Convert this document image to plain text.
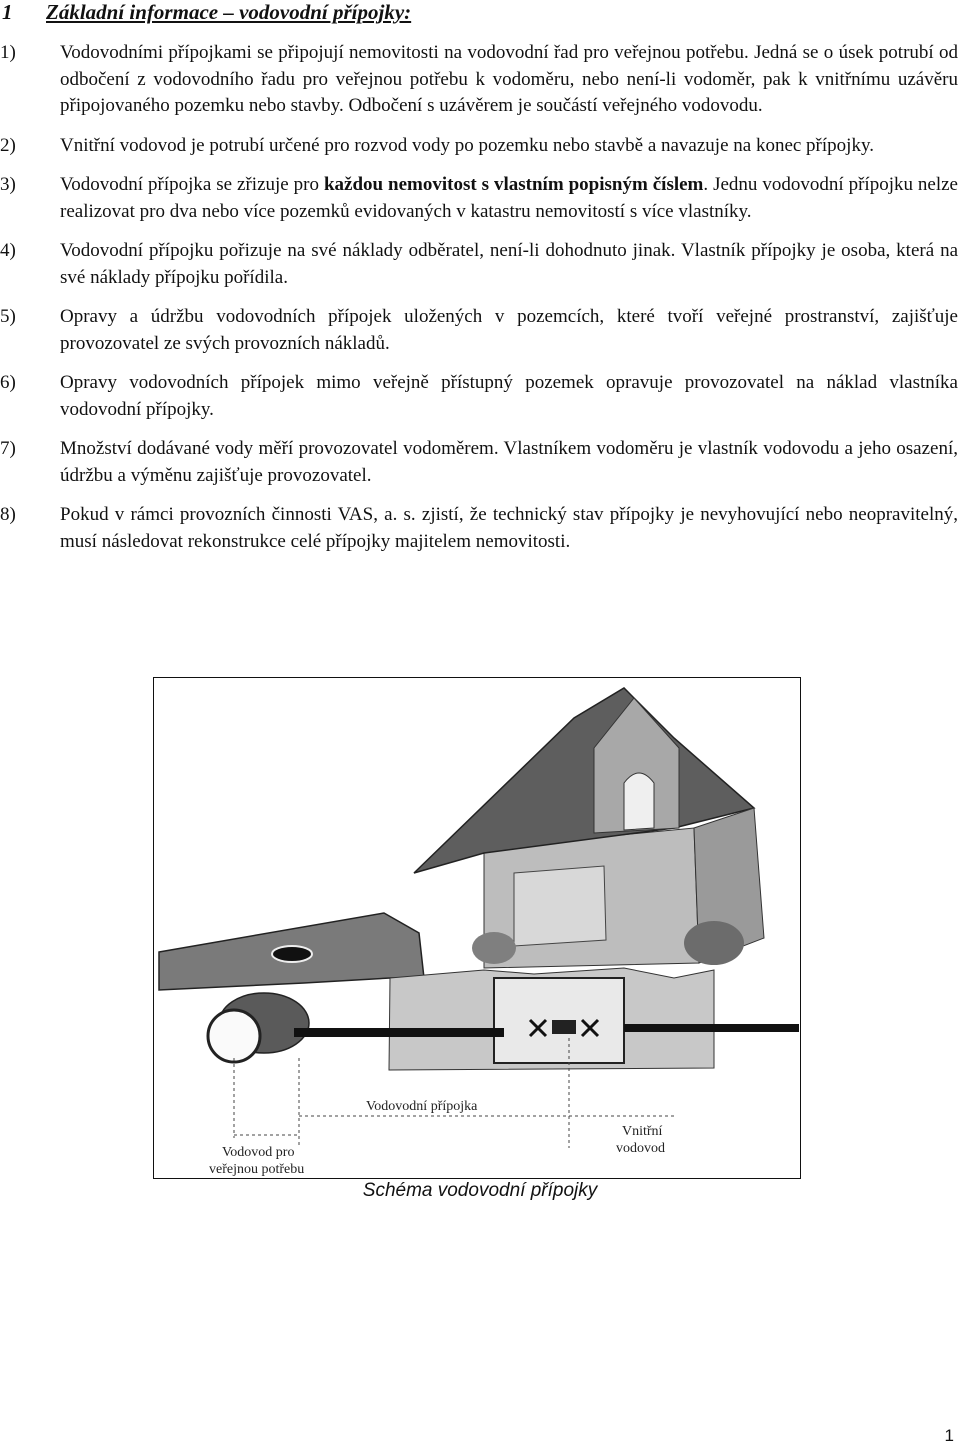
1 Základní informace – vodovodní přípojky:
1) Vodovodními přípojkami se připojují nemovitosti na vodovodní řad pro veřejnou potřebu. Jedná se o úsek potrubí od odbočení z vodovodního řadu pro veřejnou potřebu k vodoměru, nebo není-li vodoměr, pak k vnitřnímu uzávěru připojovaného pozemku nebo stavby. Odbočení s uzávěrem je součástí veřejného vodovodu.
2) Vnitřní vodovod je potrubí určené pro rozvod vody po pozemku nebo stavbě a navazuje na konec přípojky.
3) Vodovodní přípojka se zřizuje pro každou nemovitost s vlastním popisným číslem. Jednu vodovodní přípojku nelze realizovat pro dva nebo více pozemků evidovaných v katastru nemovitostí s více vlastníky.
4) Vodovodní přípojku pořizuje na své náklady odběratel, není-li dohodnuto jinak. Vlastník přípojky je osoba, která na své náklady přípojku pořídila.
5) Opravy a údržbu vodovodních přípojek uložených v pozemcích, které tvoří veřejné prostranství, zajišťuje provozovatel ze svých provozních nákladů.
6) Opravy vodovodních přípojek mimo veřejně přístupný pozemek opravuje provozovatel na náklad vlastníka vodovodní přípojky.
7) Množství dodávané vody měří provozovatel vodoměrem. Vlastníkem vodoměru je vlastník vodovodu a jeho osazení, údržbu a výměnu zajišťuje provozovatel.
8) Pokud v rámci provozních činnosti VAS, a. s. zjistí, že technický stav přípojky je nevyhovující nebo neopravitelný, musí následovat rekonstrukce celé přípojky majitelem nemovitosti.
Vodovodní přípojka
Vnitřní
vodovod
Vodovod pro
veřejnou potřebu
Schéma vodovodní přípojky
1
